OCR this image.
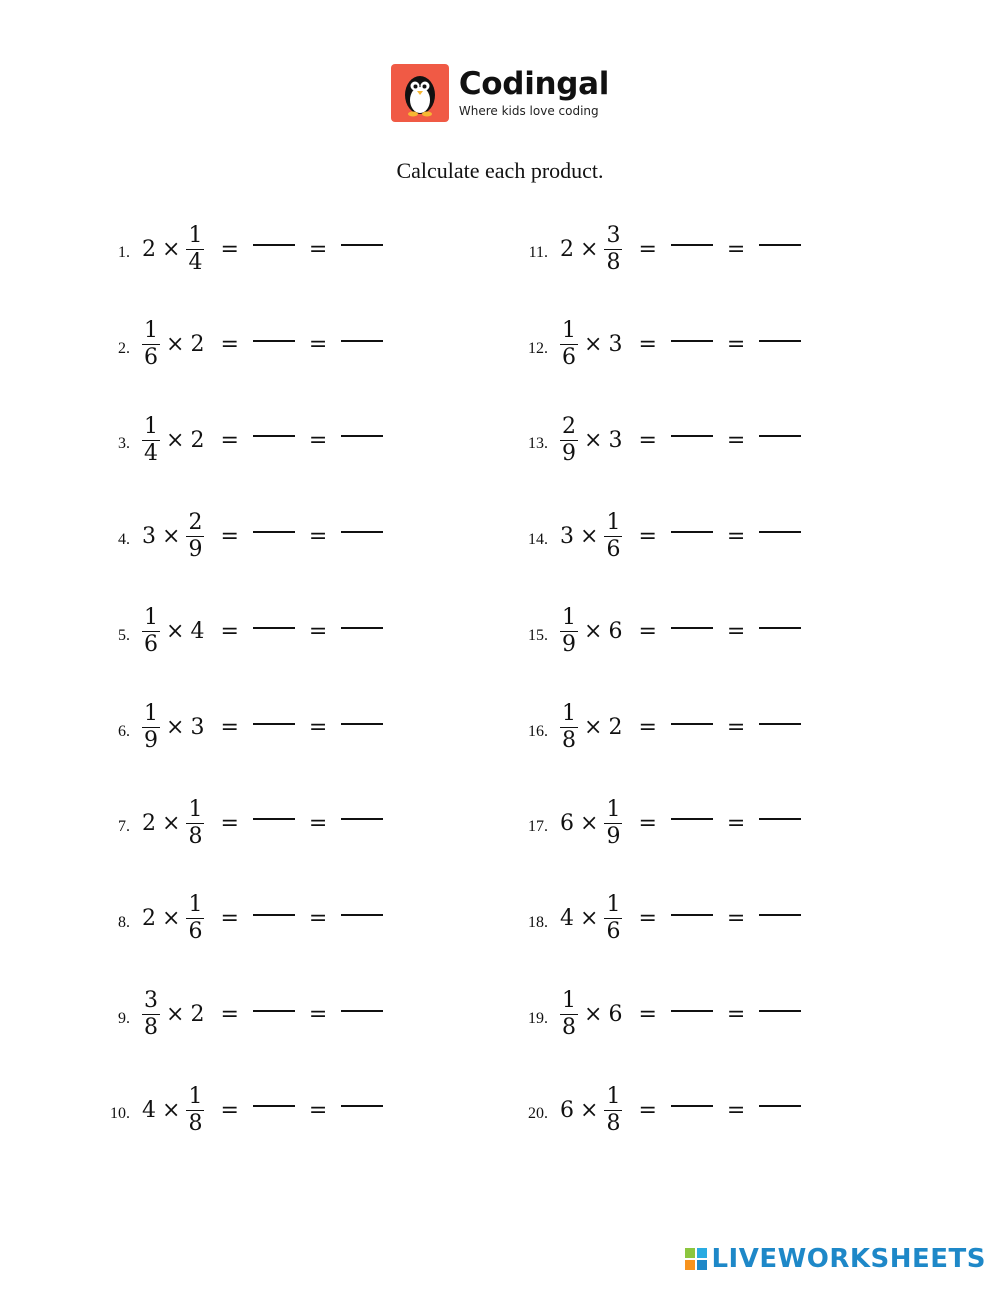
Codingal
Where kids love coding
Calculate each product.
1. $2 \times \frac{1}{4}$ =	=
2. $\frac{1}{6} \times 2$ =	=
3. $\frac{1}{4} \times 2$ =	=
4. $3 \times \frac{2}{9}$ =	=
5. $\frac{1}{6} \times 4$ =	=
6. $\frac{1}{9} \times 3$ =	=
7. $2 \times \frac{1}{8}$ =	=
8. $2 \times \frac{1}{6}$ =	=
9. $\frac{3}{8} \times 2$ =	=
10. $4 \times \frac{1}{8}$ =	=
11. $2 \times \frac{3}{8}$ =	=
12. $\frac{1}{6} \times 3$ =	=
13. $\frac{2}{9} \times 3$ =	=
14. $3 \times \frac{1}{6}$ =	=
15. $\frac{1}{9} \times 6$ =	=
16. $\frac{1}{8} \times 2$ =	=
17. $6 \times \frac{1}{9}$ =	=
18. $4 \times \frac{1}{6}$ =	=
19. $\frac{1}{8} \times 6$ =	=
20. $6 \times \frac{1}{8}$ =	=
LIVEWORKSHEETS
